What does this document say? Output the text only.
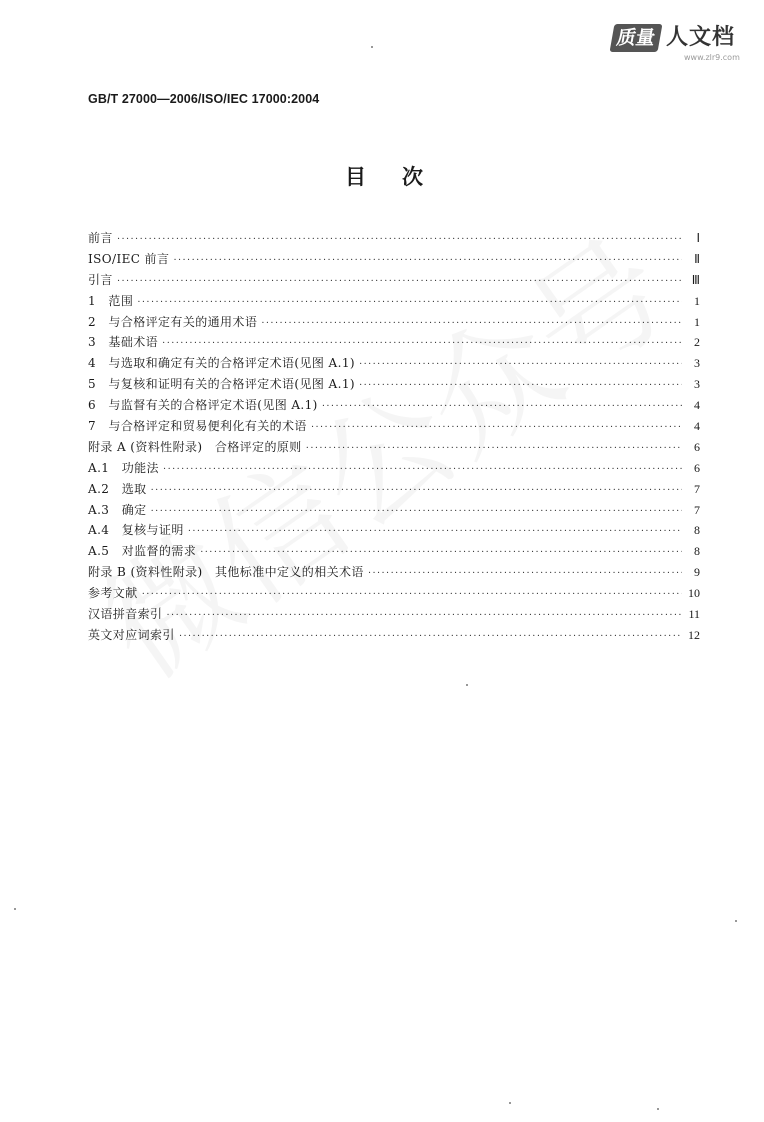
质量 人文档
www.zlr9.com
GB/T 27000—2006/ISO/IEC 17000:2004
目次
前言 ·····	Ⅰ
ISO/IEC 前言 ·····	Ⅱ
引言 ·····	Ⅲ
1　范围 ·····	1
2　与合格评定有关的通用术语 ·····	1
3　基础术语 ·····	2
4　与选取和确定有关的合格评定术语(见图 A.1) ·····	3
5　与复核和证明有关的合格评定术语(见图 A.1) ·····	3
6　与监督有关的合格评定术语(见图 A.1) ·····	4
7　与合格评定和贸易便利化有关的术语 ·····	4
附录 A (资料性附录)　合格评定的原则 ·····	6
A.1　功能法 ·····	6
A.2　选取 ·····	7
A.3　确定 ·····	7
A.4　复核与证明 ·····	8
A.5　对监督的需求 ·····	8
附录 B (资料性附录)　其他标准中定义的相关术语 ·····	9
参考文献 ·····	10
汉语拼音索引 ·····	11
英文对应词索引 ·····	12
